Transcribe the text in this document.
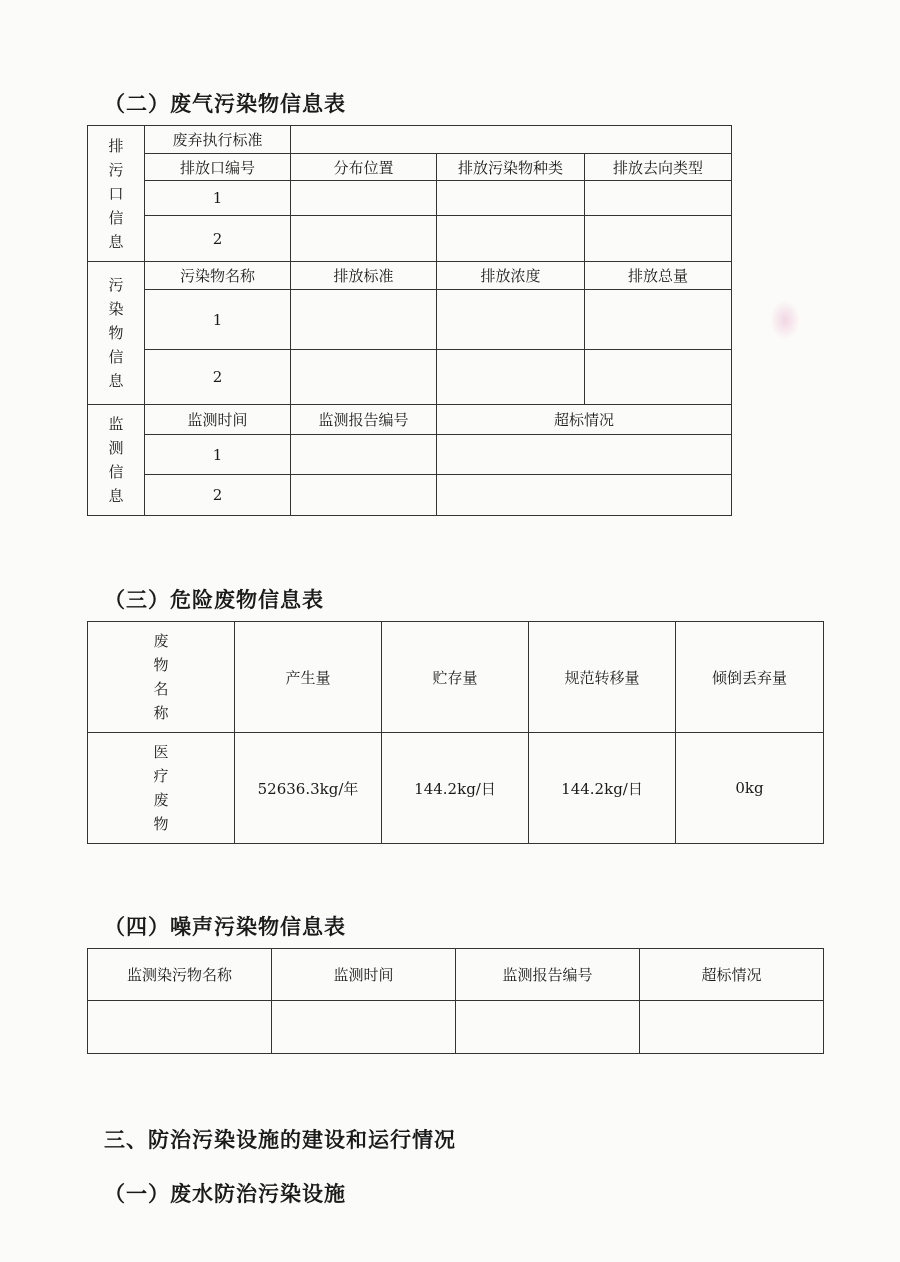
（二）废气污染物信息表
排
污
口
信
息	废弃执行标准			
	排放口编号	分布位置	排放污染物种类	排放去向类型
	1			
	2			

污
染
物
信
息	污染物名称	排放标准	排放浓度	排放总量
	1			
	2			

监
测
信
息	监测时间	监测报告编号	超标情况	
	1			
	2			
（三）危险废物信息表
废
物
名
称	产生量	贮存量	规范转移量	倾倒丢弃量

医
疗
废
物	52636.3kg/年	144.2kg/日	144.2kg/日	0kg
（四）噪声污染物信息表
监测染污物名称	监测时间	监测报告编号	超标情况

三、防治污染设施的建设和运行情况
（一）废水防治污染设施
